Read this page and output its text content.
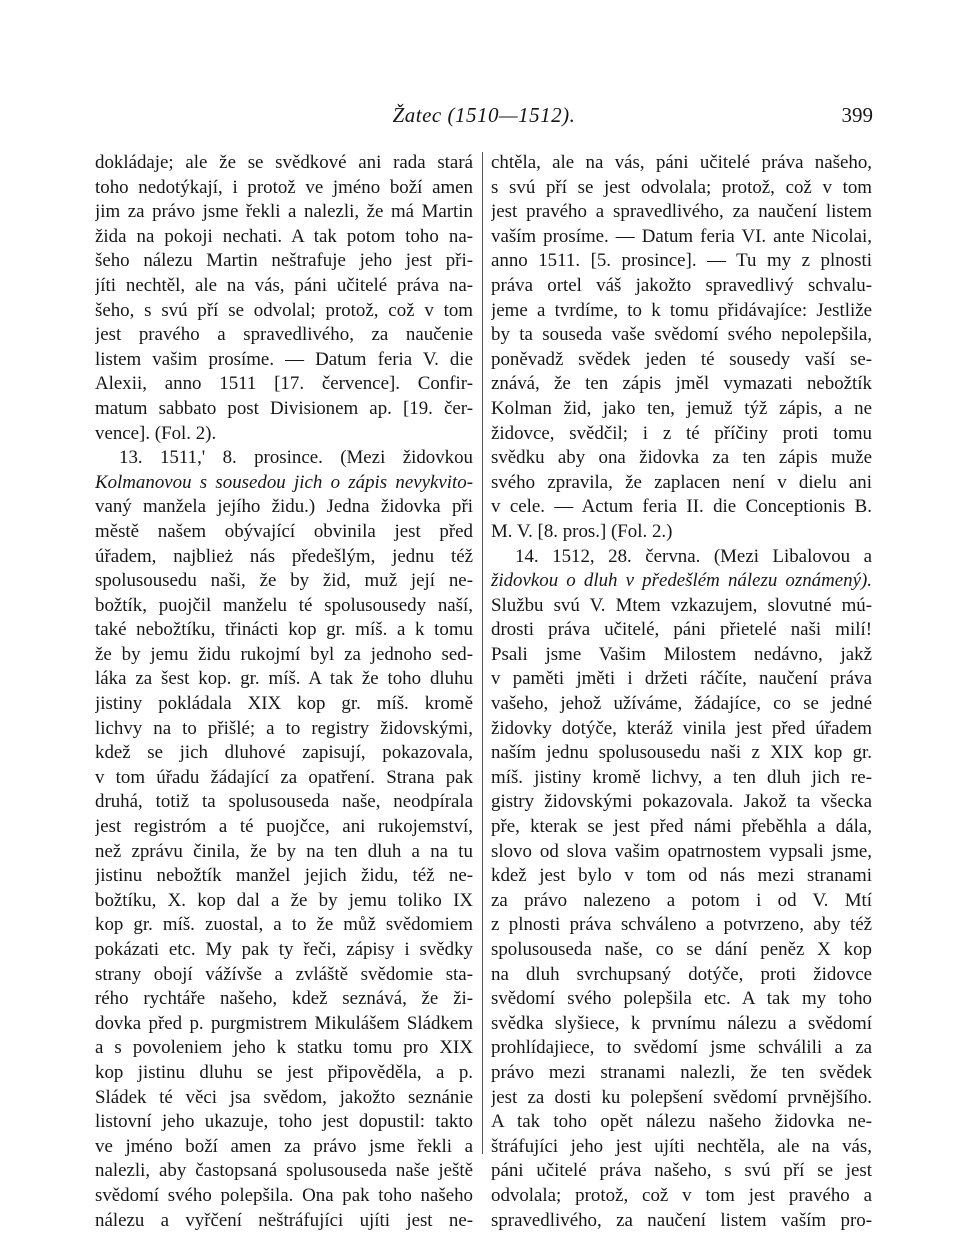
Žatec (1510—1512).	399
dokládaje; ale že se svědkové ani rada stará
toho nedotýkají, i protož ve jméno boží amen
jim za právo jsme řekli a nalezli, že má Martin
žida na pokoji nechati. A tak potom toho na-
šeho nálezu Martin neštrafuje jeho jest při-
jíti nechtěl, ale na vás, páni učitelé práva na-
šeho, s svú pří se odvolal; protož, což v tom
jest pravého a spravedlivého, za naučenie
listem vašim prosíme. — Datum feria V. die
Alexii, anno 1511 [17. července]. Confir-
matum sabbato post Divisionem ap. [19. čer-
vence]. (Fol. 2).
13. 1511,' 8. prosince. (Mezi židovkou
Kolmanovou s sousedou jich o zápis nevykvito-
vaný manžela jejího židu.) Jedna židovka při
městě našem obývající obvinila jest před
úřadem, najblież nás předešlým, jednu též
spolusousedu naši, že by žid, muž její ne-
božtík, puojčil manželu té spolusousedy naší,
také nebožtíku, třinácti kop gr. míš. a k tomu
že by jemu židu rukojmí byl za jednoho sed-
láka za šest kop. gr. míš. A tak že toho dluhu
jistiny pokládala XIX kop gr. míš. kromě
lichvy na to přišlé; a to registry židovskými,
kdež se jich dluhové zapisují, pokazovala,
v tom úřadu žádající za opatření. Strana pak
druhá, totiž ta spolusouseda naše, neodpírala
jest registróm a té puojčce, ani rukojemství,
než zprávu činila, že by na ten dluh a na tu
jistinu nebožtík manžel jejich židu, též ne-
božtíku, X. kop dal a že by jemu toliko IX
kop gr. míš. zuostal, a to že můž svědomiem
pokázati etc. My pak ty řeči, zápisy i svědky
strany obojí vážívše a zvláště svědomie sta-
rého rychtáře našeho, kdež seznává, že ži-
dovka před p. purgmistrem Mikulášem Sládkem
a s povoleniem jeho k statku tomu pro XIX
kop jistinu dluhu se jest připověděla, a p.
Sládek té věci jsa svědom, jakožto seznánie
listovní jeho ukazuje, toho jest dopustil: takto
ve jméno boží amen za právo jsme řekli a
nalezli, aby častopsaná spolusouseda naše ještě
svědomí svého polepšila. Ona pak toho našeho
nálezu a vyřčení neštráfujíci ujíti jest ne-
chtěla, ale na vás, páni učitelé práva našeho,
s svú pří se jest odvolala; protož, což v tom
jest pravého a spravedlivého, za naučení listem
vaším prosíme. — Datum feria VI. ante Nicolai,
anno 1511. [5. prosince]. — Tu my z plnosti
práva ortel váš jakožto spravedlivý schvalu-
jeme a tvrdíme, to k tomu přidávajíce: Jestliže
by ta souseda vaše svědomí svého nepolepšila,
poněvadž svědek jeden té sousedy vaší se-
znává, že ten zápis jměl vymazati nebožtík
Kolman žid, jako ten, jemuž týž zápis, a ne
židovce, svědčil; i z té příčiny proti tomu
svědku aby ona židovka za ten zápis muže
svého zpravila, že zaplacen není v dielu ani
v cele. — Actum feria II. die Conceptionis B.
M. V. [8. pros.] (Fol. 2.)
14. 1512, 28. června. (Mezi Libalovou a
židovkou o dluh v předešlém nálezu oznámený).
Službu svú V. Mtem vzkazujem, slovutné mú-
drosti práva učitelé, páni přietelé naši milí!
Psali jsme Vašim Milostem nedávno, jakž
v paměti jměti i držeti ráčíte, naučení práva
vašeho, jehož užíváme, žádajíce, co se jedné
židovky dotýče, kteráž vinila jest před úřadem
naším jednu spolusousedu naši z XIX kop gr.
míš. jistiny kromě lichvy, a ten dluh jich re-
gistry židovskými pokazovala. Jakož ta všecka
pře, kterak se jest před námi přeběhla a dála,
slovo od slova vašim opatrnostem vypsali jsme,
kdež jest bylo v tom od nás mezi stranami
za právo nalezeno a potom i od V. Mtí
z plnosti práva schváleno a potvrzeno, aby též
spolusouseda naše, co se dání peněz X kop
na dluh svrchupsaný dotýče, proti židovce
svědomí svého polepšila etc. A tak my toho
svědka slyšiece, k prvnímu nálezu a svědomí
prohlídajiece, to svědomí jsme schválili a za
právo mezi stranami nalezli, že ten svědek
jest za dosti ku polepšení svědomí prvnějšího.
A tak toho opět nálezu našeho židovka ne-
štráfujíci jeho jest ujíti nechtěla, ale na vás,
páni učitelé práva našeho, s svú pří se jest
odvolala; protož, což v tom jest pravého a
spravedlivého, za naučení listem vaším pro-
